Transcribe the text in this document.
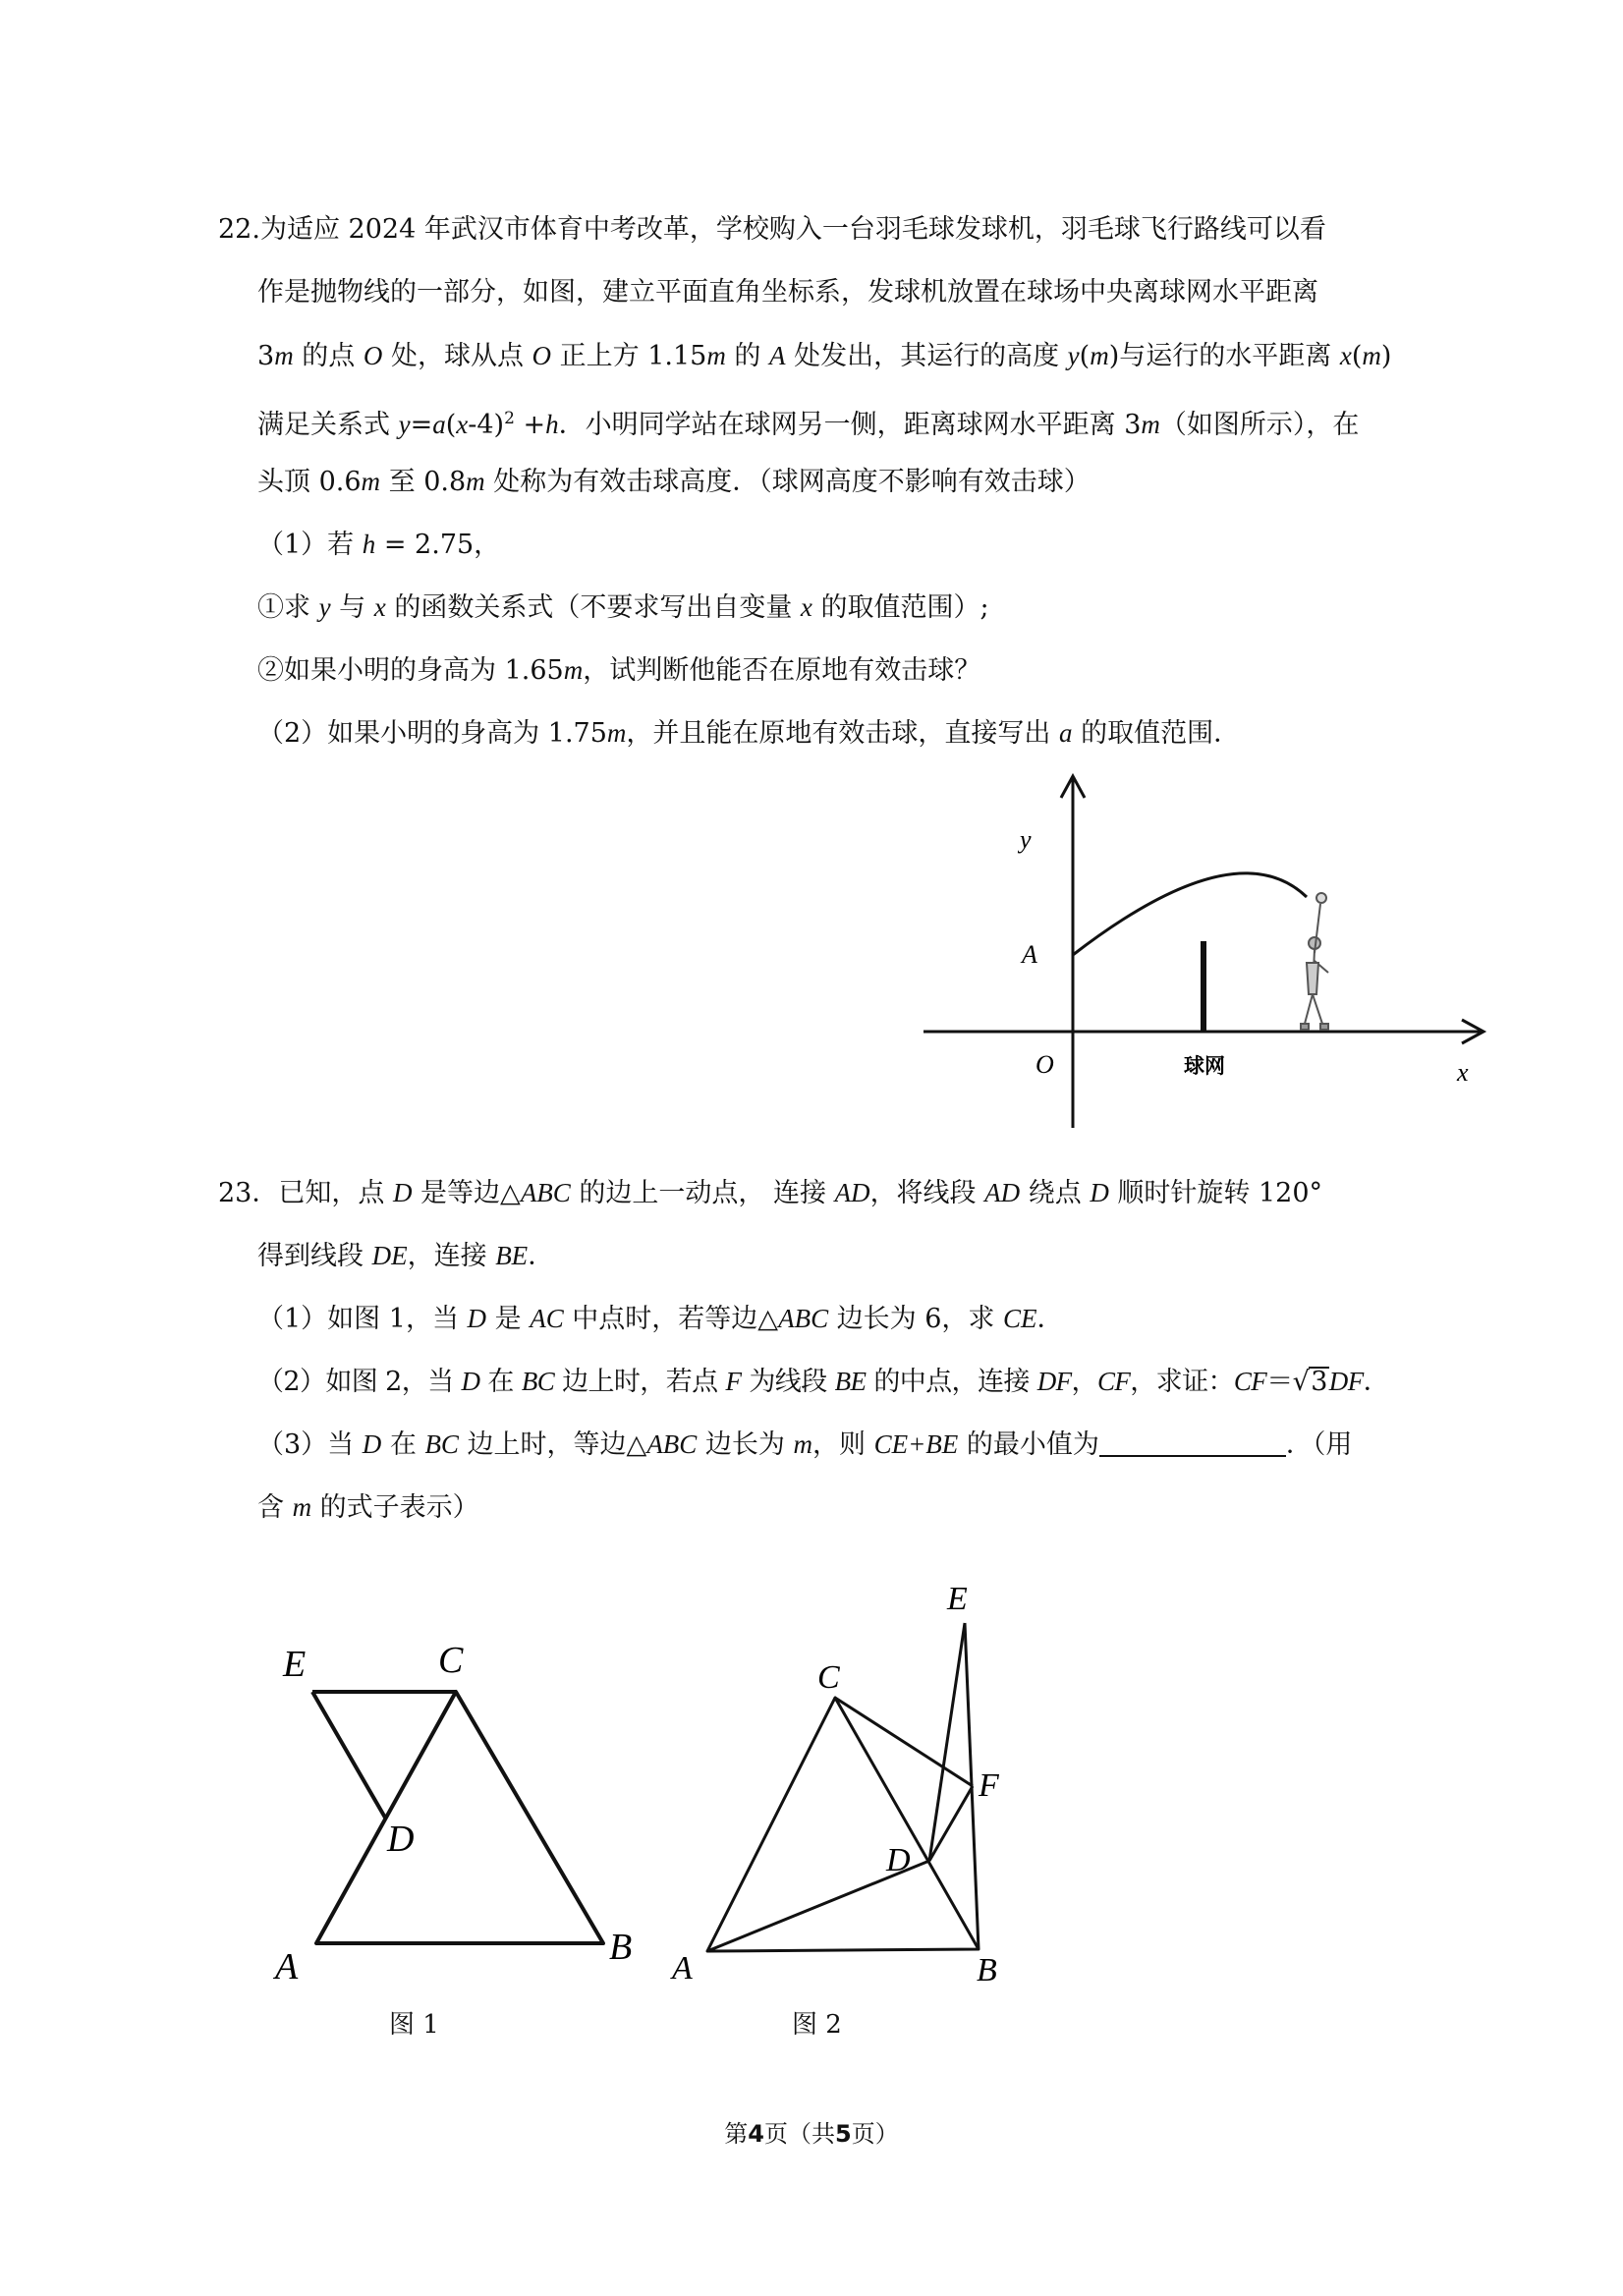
22.为适应 2024 年武汉市体育中考改革，学校购入一台羽毛球发球机，羽毛球飞行路线可以看
作是抛物线的一部分，如图，建立平面直角坐标系，发球机放置在球场中央离球网水平距离
3m 的点 O 处，球从点 O 正上方 1.15m 的 A 处发出，其运行的高度 y(m)与运行的水平距离 x(m)
满足关系式 $y=a(x-4)^2 +h$．小明同学站在球网另一侧，距离球网水平距离 3m（如图所示），在
头顶 0.6m 至 0.8m 处称为有效击球高度．（球网高度不影响有效击球）
（1）若 h = 2.75，
①求 y 与 x 的函数关系式（不要求写出自变量 x 的取值范围）;
②如果小明的身高为 1.65m，试判断他能否在原地有效击球？
（2）如果小明的身高为 1.75m，并且能在原地有效击球，直接写出 a 的取值范围．
y
A
O	球网	x
23．已知，点 D 是等边△ABC 的边上一动点， 连接 AD，将线段 AD 绕点 D 顺时针旋转 120°
得到线段 DE，连接 BE．
（1）如图 1，当 D 是 AC 中点时，若等边△ABC 边长为 6，求 CE．
（2）如图 2，当 D 在 BC 边上时，若点 F 为线段 BE 的中点，连接 DF，CF，求证：CF＝√3DF．
（3）当 D 在 BC 边上时，等边△ABC 边长为 m，则 CE+BE 的最小值为	．（用
含 m 的式子表示）
E	C
D
A	B
图 1
E
C
F
D
A	B
图 2
第4页（共5页）
